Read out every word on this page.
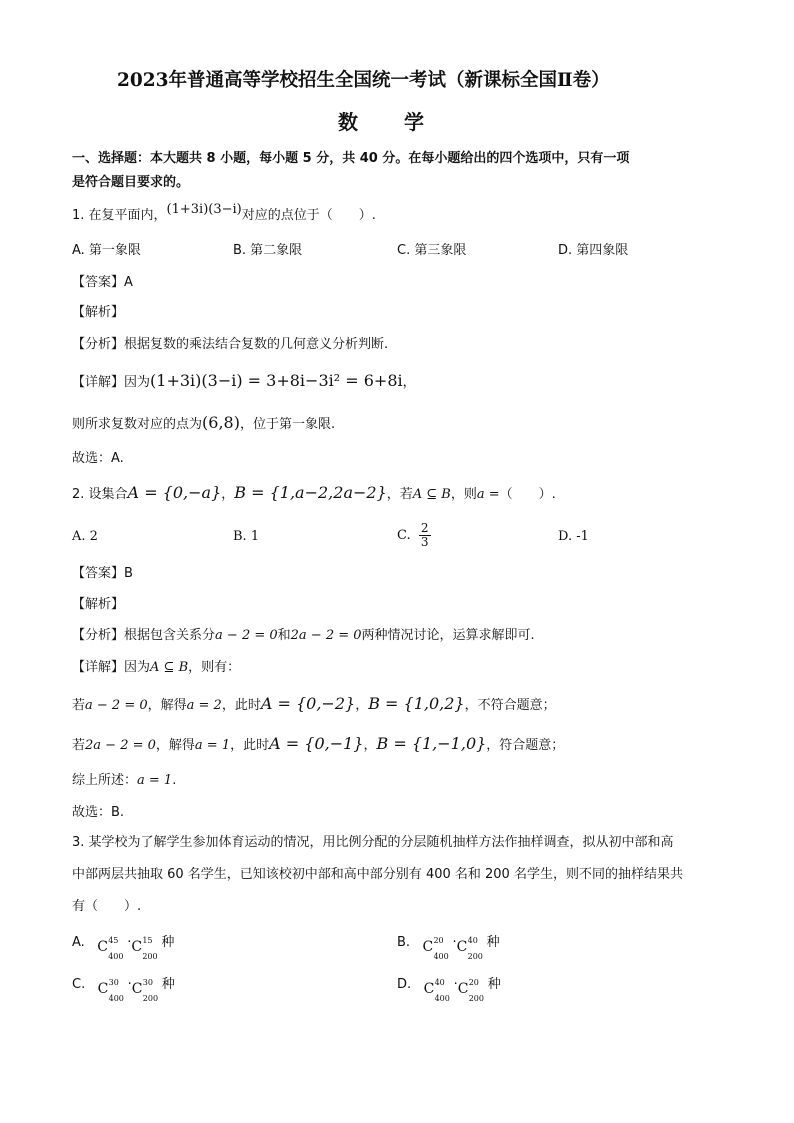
2023年普通高等学校招生全国统一考试（新课标全国Ⅱ卷）
数　　学
一、选择题：本大题共 8 小题，每小题 5 分，共 40 分。在每小题给出的四个选项中，只有一项
是符合题目要求的。
1. 在复平面内，(1+3i)(3−i)对应的点位于（　　）.
A. 第一象限	B. 第二象限	C. 第三象限	D. 第四象限
【答案】A
【解析】
【分析】根据复数的乘法结合复数的几何意义分析判断.
【详解】因为(1+3i)(3−i) = 3+8i−3i² = 6+8i，
则所求复数对应的点为(6,8)，位于第一象限.
故选：A.
2. 设集合A = {0,−a}，B = {1,a−2,2a−2}，若A ⊆ B，则a =（　　）.
A. 2	B. 1	C. $\frac{2}{3}$	D. -1
【答案】B
【解析】
【分析】根据包含关系分a − 2 = 0和2a − 2 = 0两种情况讨论，运算求解即可.
【详解】因为A ⊆ B，则有：
若a − 2 = 0，解得a = 2，此时A = {0,−2}，B = {1,0,2}，不符合题意；
若2a − 2 = 0，解得a = 1，此时A = {0,−1}，B = {1,−1,0}，符合题意；
综上所述：a = 1.
故选：B.
3. 某学校为了解学生参加体育运动的情况，用比例分配的分层随机抽样方法作抽样调查，拟从初中部和高
中部两层共抽取 60 名学生，已知该校初中部和高中部分别有 400 名和 200 名学生，则不同的抽样结果共
有（　　）.
A. C 45
400
· C 15
200
种	B. C 20
400
· C 40
200
种
C. C 30
400
· C 30
200
种	D. C 40
400
· C 20
200
种
